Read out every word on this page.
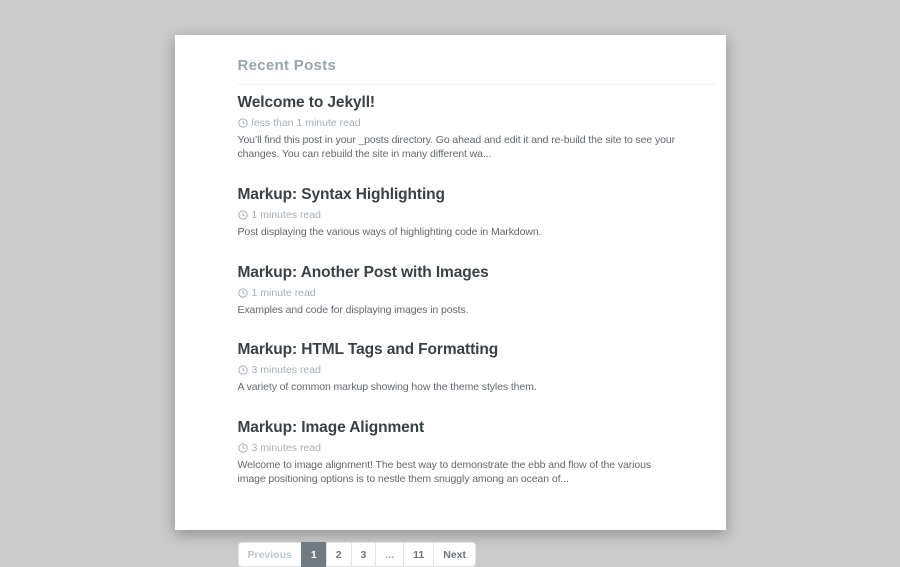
Recent Posts
Welcome to Jekyll!
less than 1 minute read

You’ll find this post in your _posts directory. Go ahead and edit it and re-build the site to see your changes. You can rebuild the site in many different wa...

Markup: Syntax Highlighting
1 minutes read

Post displaying the various ways of highlighting code in Markdown.

Markup: Another Post with Images
1 minute read

Examples and code for displaying images in posts.

Markup: HTML Tags and Formatting
3 minutes read

A variety of common markup showing how the theme styles them.

Markup: Image Alignment
3 minutes read

Welcome to image alignment! The best way to demonstrate the ebb and flow of the various image positioning options is to nestle them snuggly among an ocean of...

Previous	1	2	3	...	11	Next
